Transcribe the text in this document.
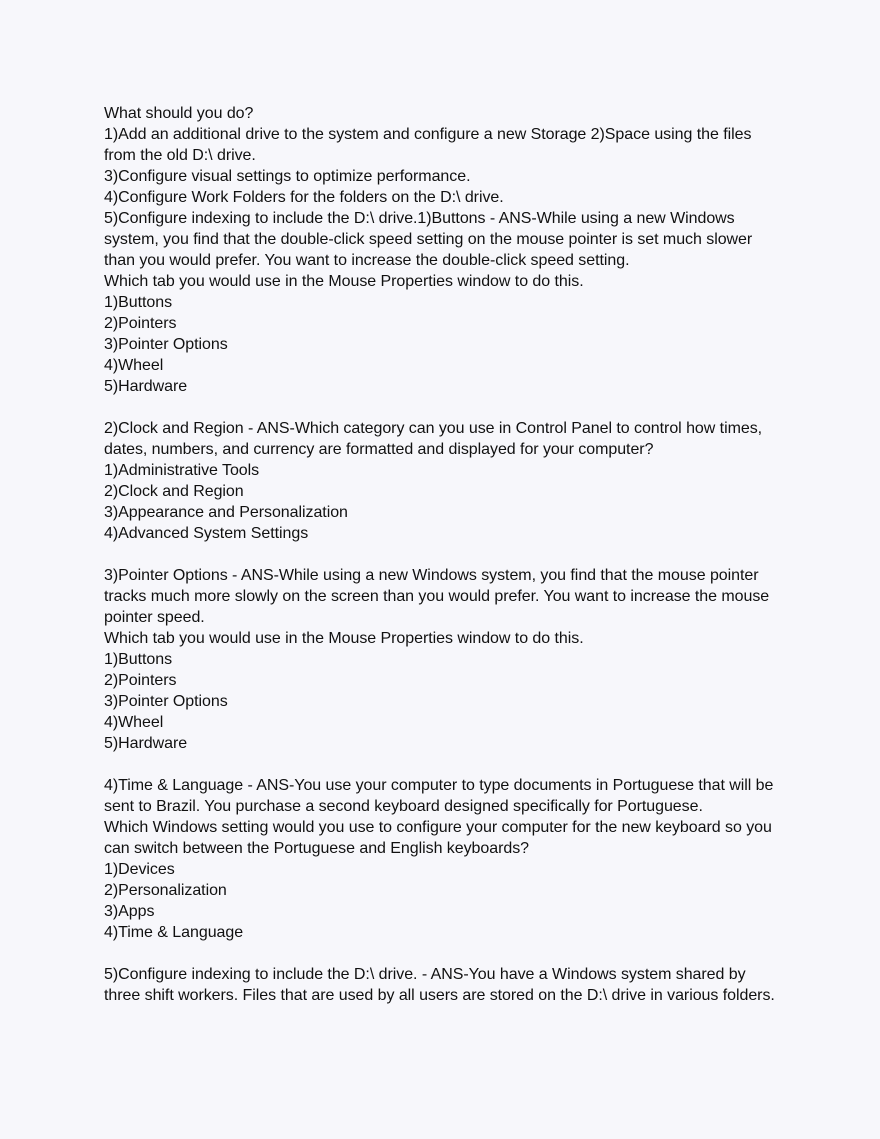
What should you do?
1)Add an additional drive to the system and configure a new Storage 2)Space using the files
from the old D:\ drive.
3)Configure visual settings to optimize performance.
4)Configure Work Folders for the folders on the D:\ drive.
5)Configure indexing to include the D:\ drive.1)Buttons - ANS-While using a new Windows
system, you find that the double-click speed setting on the mouse pointer is set much slower
than you would prefer. You want to increase the double-click speed setting.
Which tab you would use in the Mouse Properties window to do this.
1)Buttons
2)Pointers
3)Pointer Options
4)Wheel
5)Hardware
2)Clock and Region - ANS-Which category can you use in Control Panel to control how times,
dates, numbers, and currency are formatted and displayed for your computer?
1)Administrative Tools
2)Clock and Region
3)Appearance and Personalization
4)Advanced System Settings
3)Pointer Options - ANS-While using a new Windows system, you find that the mouse pointer
tracks much more slowly on the screen than you would prefer. You want to increase the mouse
pointer speed.
Which tab you would use in the Mouse Properties window to do this.
1)Buttons
2)Pointers
3)Pointer Options
4)Wheel
5)Hardware
4)Time & Language - ANS-You use your computer to type documents in Portuguese that will be
sent to Brazil. You purchase a second keyboard designed specifically for Portuguese.
Which Windows setting would you use to configure your computer for the new keyboard so you
can switch between the Portuguese and English keyboards?
1)Devices
2)Personalization
3)Apps
4)Time & Language
5)Configure indexing to include the D:\ drive. - ANS-You have a Windows system shared by
three shift workers. Files that are used by all users are stored on the D:\ drive in various folders.
